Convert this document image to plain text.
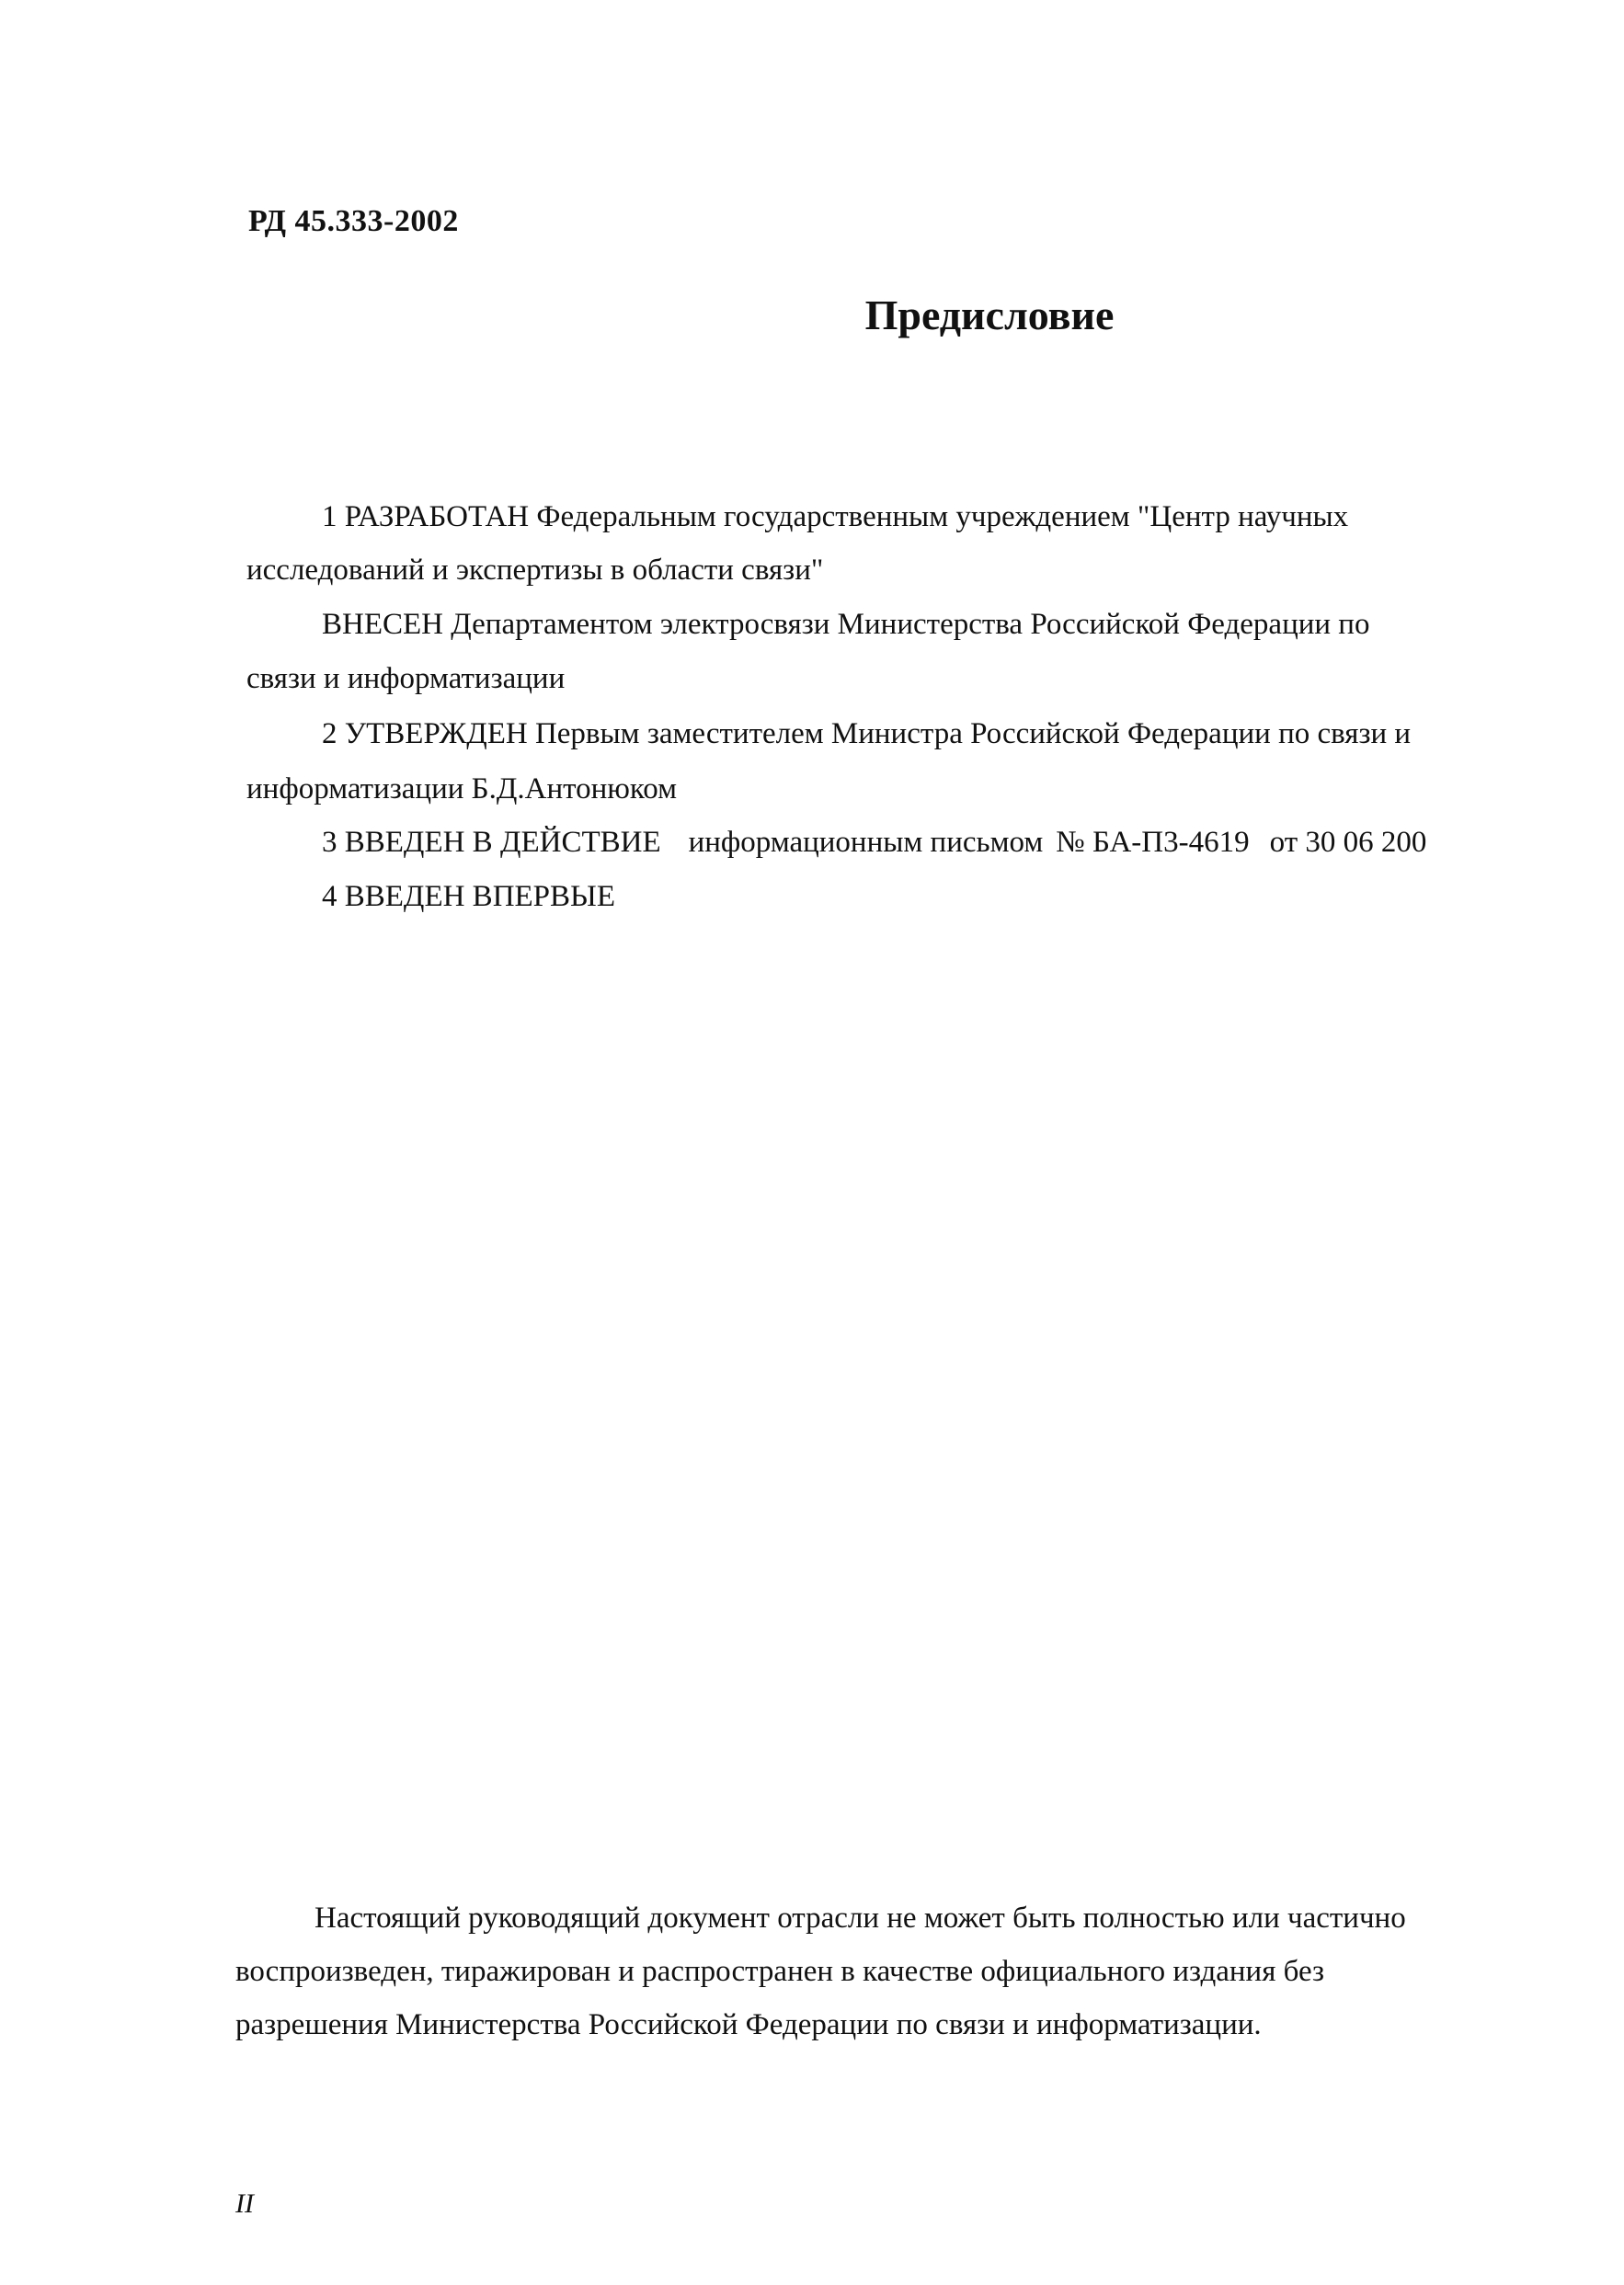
РД 45.333-2002
Предисловие
1 РАЗРАБОТАН Федеральным государственным учреждением "Центр научных
исследований и экспертизы в области связи"
ВНЕСЕН Департаментом электросвязи Министерства Российской Федерации по
связи и информатизации
2 УТВЕРЖДЕН Первым заместителем Министра Российской Федерации по связи и
информатизации Б.Д.Антонюком
3 ВВЕДЕН В ДЕЙСТВИЕ информационным письмом № БА-П3-4619 от 30 06 200
4 ВВЕДЕН ВПЕРВЫЕ
Настоящий руководящий документ отрасли не может быть полностью или частично
воспроизведен, тиражирован и распространен в качестве официального издания без
разрешения Министерства Российской Федерации по связи и информатизации.
II
